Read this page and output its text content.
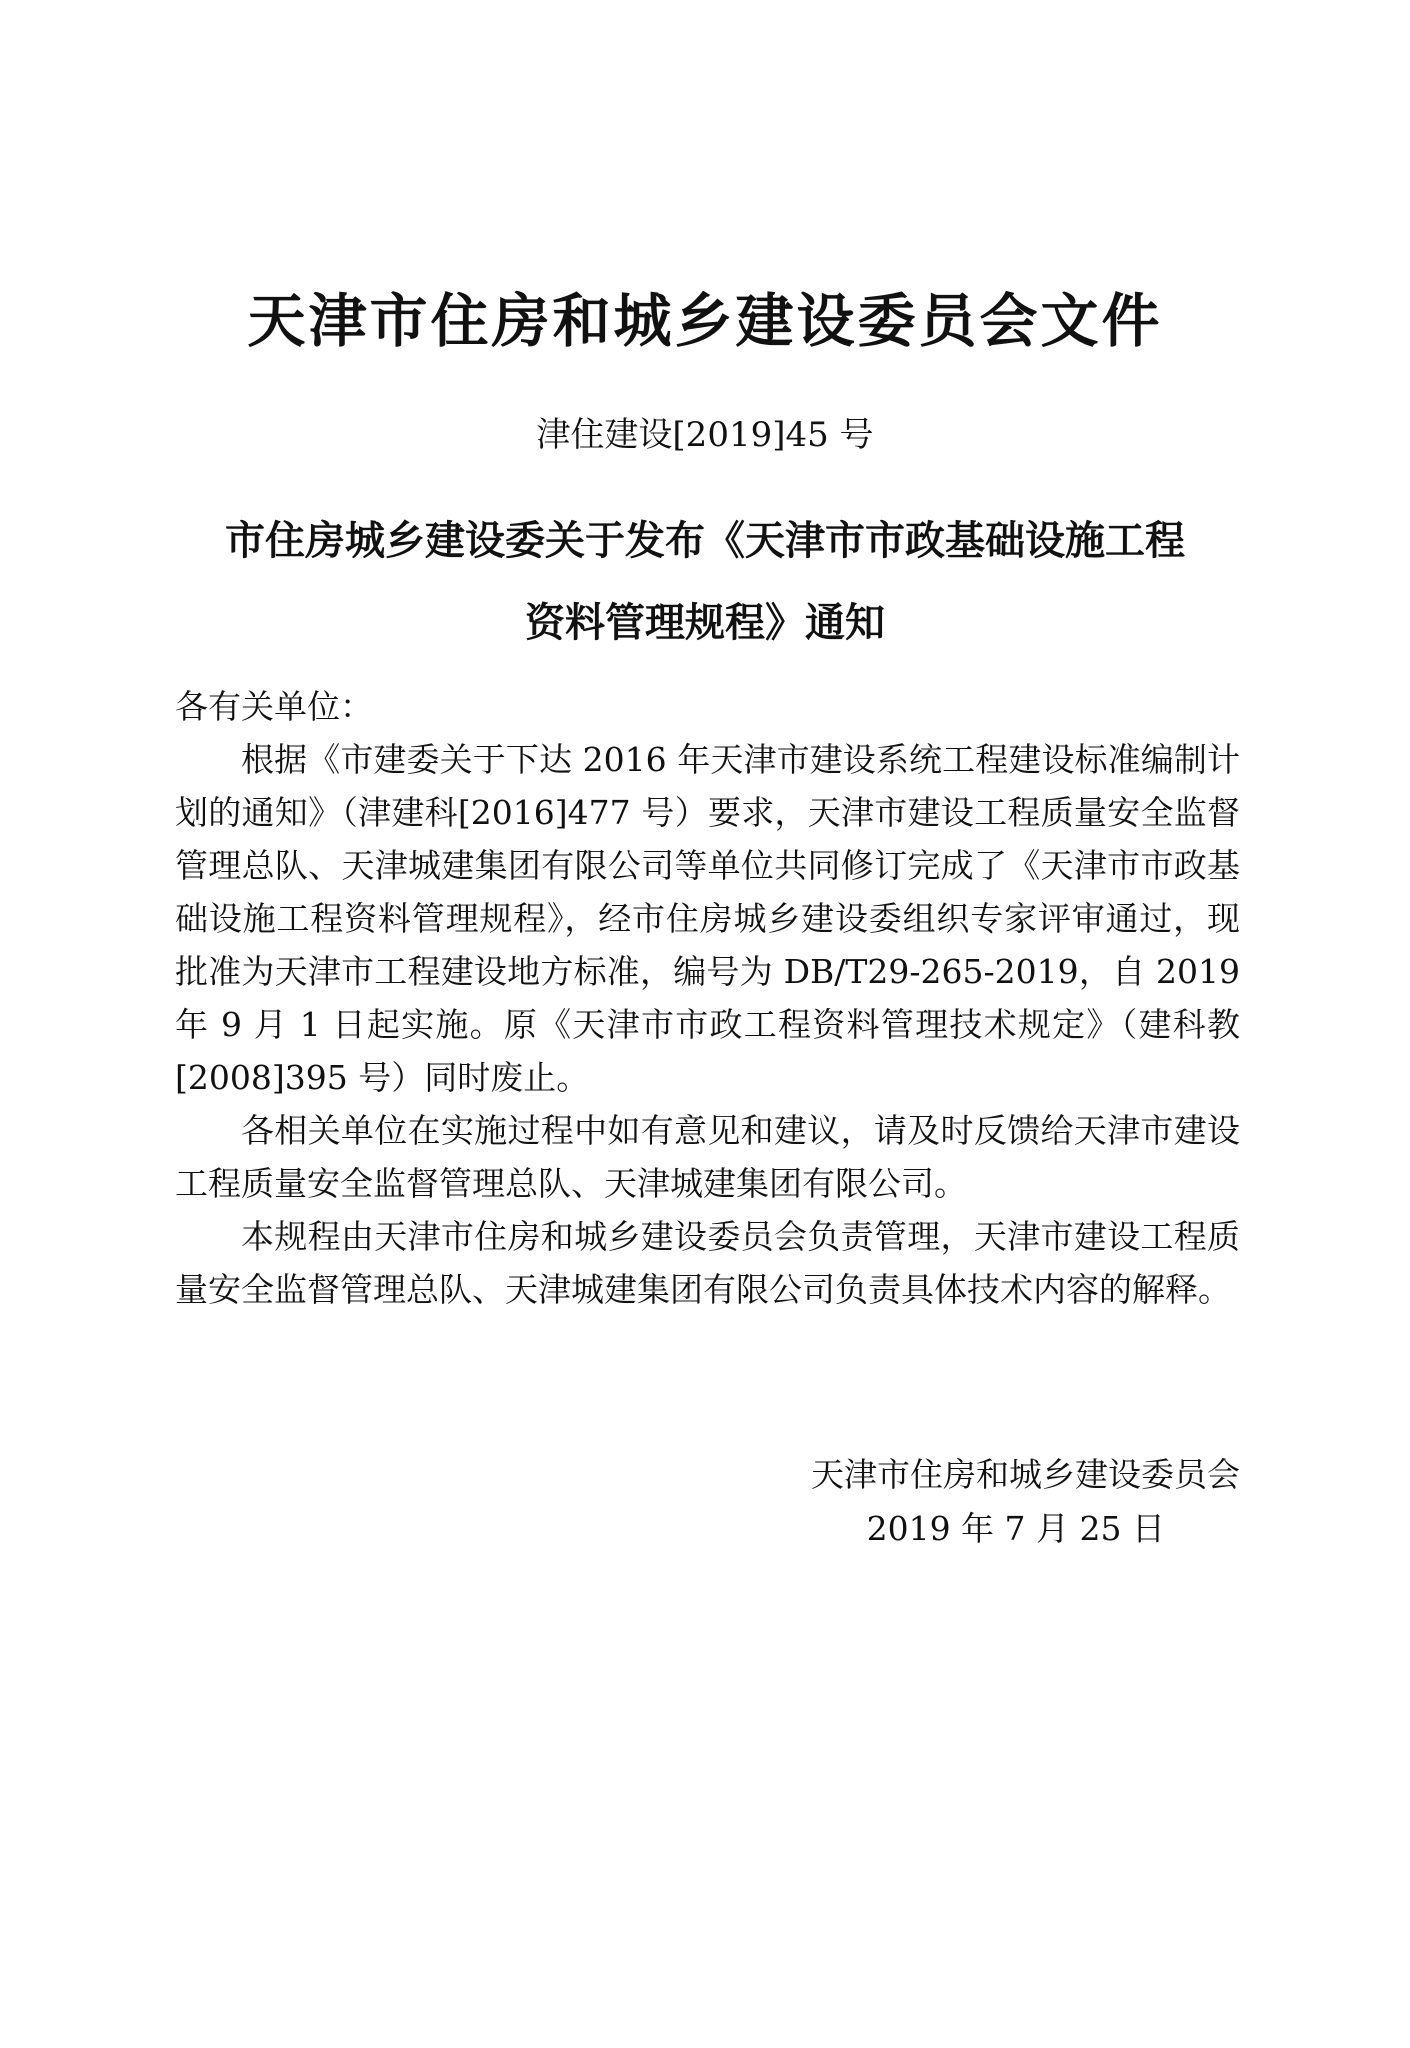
天津市住房和城乡建设委员会文件
津住建设[2019]45 号
市住房城乡建设委关于发布《天津市市政基础设施工程
资料管理规程》通知

各有关单位：

根据《市建委关于下达 2016 年天津市建设系统工程建设标准编制计划的通知》（津建科[2016]477 号）要求，天津市建设工程质量安全监督管理总队、天津城建集团有限公司等单位共同修订完成了《天津市市政基础设施工程资料管理规程》，经市住房城乡建设委组织专家评审通过，现批准为天津市工程建设地方标准，编号为 DB/T29-265-2019，自 2019 年 9 月 1 日起实施。原《天津市市政工程资料管理技术规定》（建科教[2008]395 号）同时废止。

各相关单位在实施过程中如有意见和建议，请及时反馈给天津市建设工程质量安全监督管理总队、天津城建集团有限公司。

本规程由天津市住房和城乡建设委员会负责管理，天津市建设工程质量安全监督管理总队、天津城建集团有限公司负责具体技术内容的解释。

天津市住房和城乡建设委员会
2019 年 7 月 25 日
